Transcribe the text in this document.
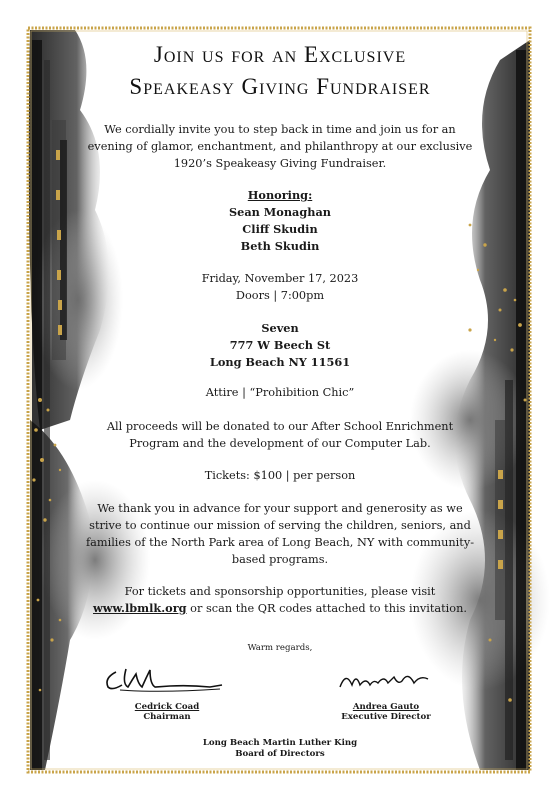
Join us for an Exclusive
Speakeasy Giving Fundraiser
We cordially invite you to step back in time and join us for an
evening of glamor, enchantment, and philanthropy at our exclusive
1920’s Speakeasy Giving Fundraiser.
Honoring:
Sean Monaghan
Cliff Skudin
Beth Skudin
Friday, November 17, 2023
Doors | 7:00pm
Seven
777 W Beech St
Long Beach NY 11561
Attire | “Prohibition Chic”
All proceeds will be donated to our After School Enrichment
Program and the development of our Computer Lab.
Tickets: $100 | per person
We thank you in advance for your support and generosity as we
strive to continue our mission of serving the children, seniors, and
families of the North Park area of Long Beach, NY with community-
based programs.
For tickets and sponsorship opportunities, please visit
www.lbmlk.org or scan the QR codes attached to this invitation.
Warm regards,
Cedrick Coad
Chairman
Andrea Gauto
Executive Director
Long Beach Martin Luther King
Board of Directors
